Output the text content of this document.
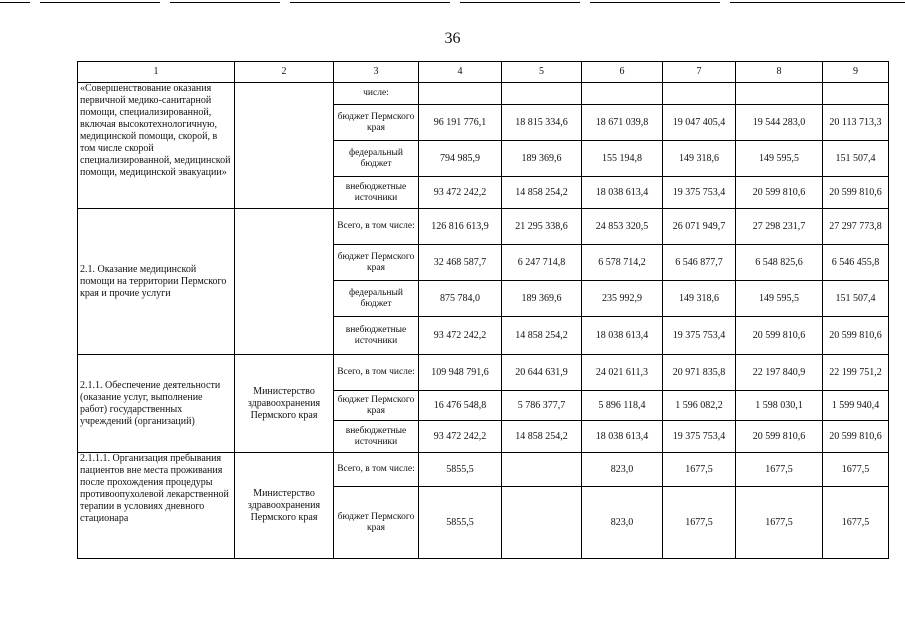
36
1	2	3	4	5	6	7	8	9
«Совершенствование оказания первичной медико-санитарной помощи, специализированной, включая высокотехнологичную, медицинской помощи, скорой, в том числе скорой специализированной, медицинской помощи, медицинской эвакуации»		числе:						
		бюджет Пермского края	96 191 776,1	18 815 334,6	18 671 039,8	19 047 405,4	19 544 283,0	20 113 713,3
		федеральный бюджет	794 985,9	189 369,6	155 194,8	149 318,6	149 595,5	151 507,4
		внебюджетные источники	93 472 242,2	14 858 254,2	18 038 613,4	19 375 753,4	20 599 810,6	20 599 810,6
2.1. Оказание медицинской помощи на территории Пермского края и прочие услуги		Всего, в том числе:	126 816 613,9	21 295 338,6	24 853 320,5	26 071 949,7	27 298 231,7	27 297 773,8
		бюджет Пермского края	32 468 587,7	6 247 714,8	6 578 714,2	6 546 877,7	6 548 825,6	6 546 455,8
		федеральный бюджет	875 784,0	189 369,6	235 992,9	149 318,6	149 595,5	151 507,4
		внебюджетные источники	93 472 242,2	14 858 254,2	18 038 613,4	19 375 753,4	20 599 810,6	20 599 810,6
2.1.1. Обеспечение деятельности (оказание услуг, выполнение работ) государственных учреждений (организаций)	Министерство здравоохранения Пермского края	Всего, в том числе:	109 948 791,6	20 644 631,9	24 021 611,3	20 971 835,8	22 197 840,9	22 199 751,2
		бюджет Пермского края	16 476 548,8	5 786 377,7	5 896 118,4	1 596 082,2	1 598 030,1	1 599 940,4
		внебюджетные источники	93 472 242,2	14 858 254,2	18 038 613,4	19 375 753,4	20 599 810,6	20 599 810,6
2.1.1.1. Организация пребывания пациентов вне места проживания после прохождения процедуры противоопухолевой лекарственной терапии в условиях дневного стационара	Министерство здравоохранения Пермского края	Всего, в том числе:	5855,5		823,0	1677,5	1677,5	1677,5
		бюджет Пермского края	5855,5		823,0	1677,5	1677,5	1677,5
